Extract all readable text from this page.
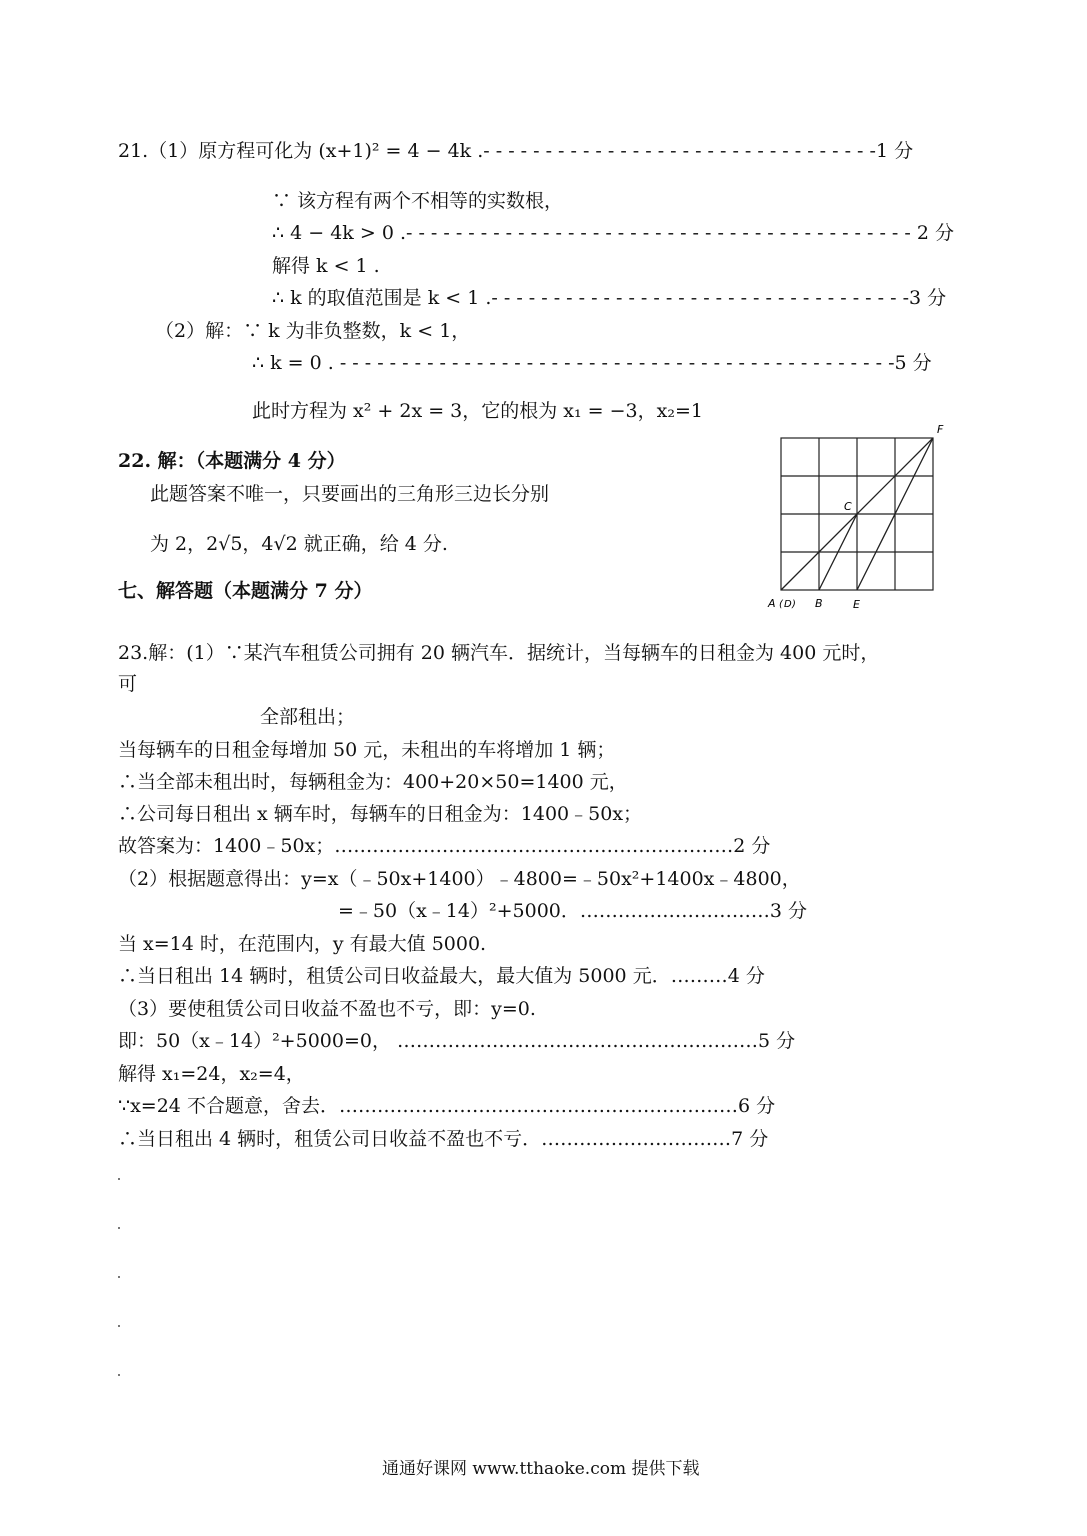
21.（1）原方程可化为 (x+1)² = 4 − 4k .- - - - - - - - - - - - - - - - - - - - - - - - - - - - - - - -1 分
∵ 该方程有两个不相等的实数根，
∴ 4 − 4k > 0 .- - - - - - - - - - - - - - - - - - - - - - - - - - - - - - - - - - - - - - - - - 2 分
解得 k < 1 .
∴ k 的取值范围是 k < 1 .- - - - - - - - - - - - - - - - - - - - - - - - - - - - - - - - - -3 分
（2）解：∵ k 为非负整数，k < 1，
∴ k = 0 . - - - - - - - - - - - - - - - - - - - - - - - - - - - - - - - - - - - - - - - - - - - - -5 分
此时方程为 x² + 2x = 3，它的根为 x₁ = −3，x₂=1
22. 解：（本题满分 4 分）
此题答案不唯一，只要画出的三角形三边长分别
为 2，2√5，4√2 就正确，给 4 分.
F
C
A ( D ) B	E
七、解答题（本题满分 7 分）
23.解：(1）∵某汽车租赁公司拥有 20 辆汽车．据统计，当每辆车的日租金为 400 元时，
可
全部租出；
当每辆车的日租金每增加 50 元，未租出的车将增加 1 辆；
∴当全部未租出时，每辆租金为：400+20×50=1400 元，
∴公司每日租出 x 辆车时，每辆车的日租金为：1400﹣50x；
故答案为：1400﹣50x；………………………………………………………2 分
（2）根据题意得出：y=x（﹣50x+1400）﹣4800=﹣50x²+1400x﹣4800，
=﹣50（x﹣14）²+5000．…………………………3 分
当 x=14 时，在范围内，y 有最大值 5000.
∴当日租出 14 辆时，租赁公司日收益最大，最大值为 5000 元．………4 分
（3）要使租赁公司日收益不盈也不亏，即：y=0.
即：50（x﹣14）²+5000=0， …………………………………………………5 分
解得 x₁=24，x₂=4，
∵x=24 不合题意，舍去．………………………………………………………6 分
∴当日租出 4 辆时，租赁公司日收益不盈也不亏．…………………………7 分
通通好课网 www.tthaoke.com 提供下载
